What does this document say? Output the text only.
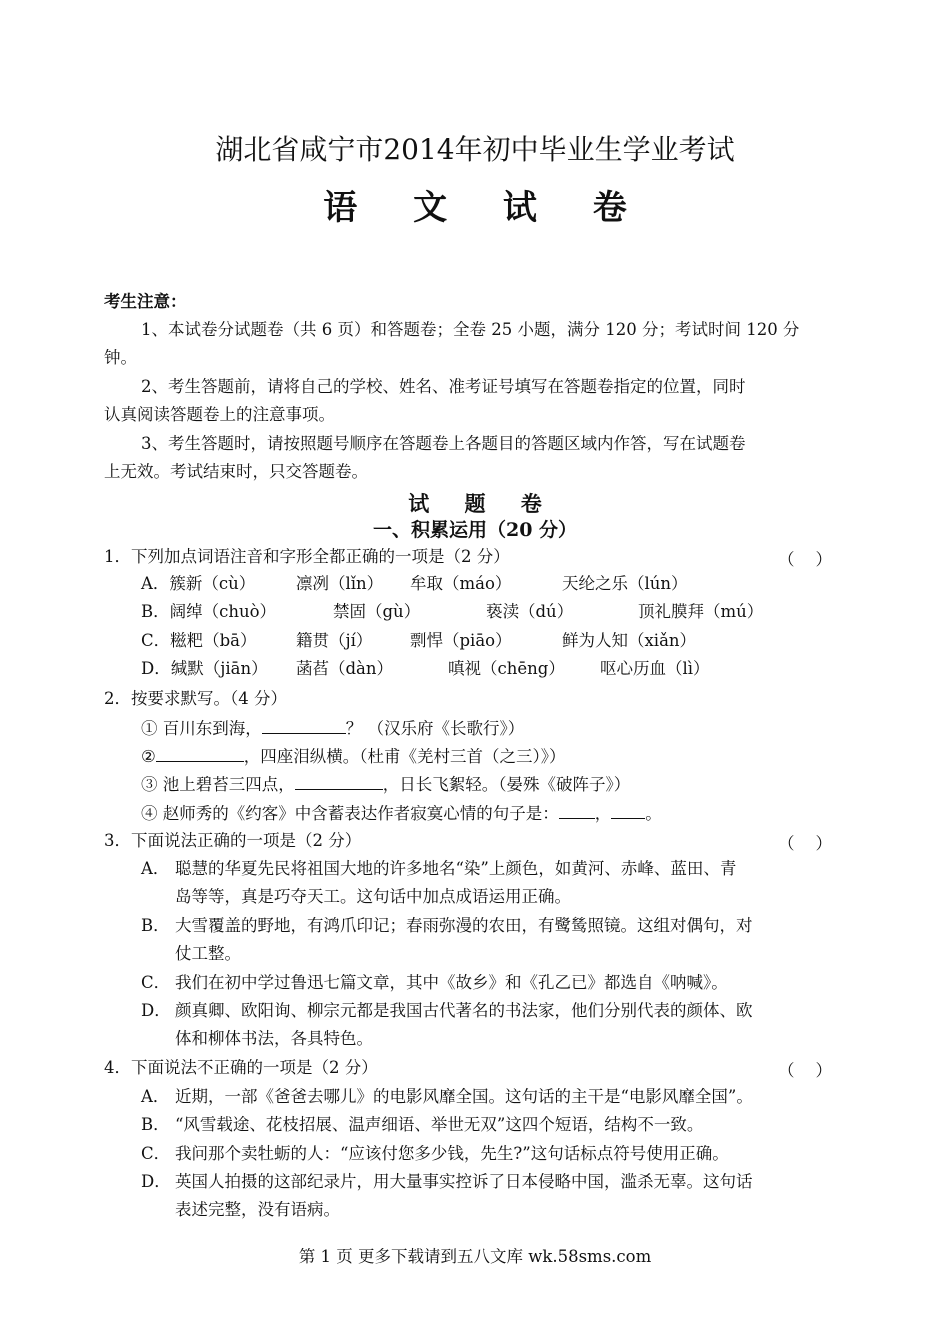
湖北省咸宁市2014年初中毕业生学业考试
语 文 试 卷
考生注意：
1、本试卷分试题卷（共 6 页）和答题卷；全卷 25 小题，满分 120 分；考试时间 120 分
钟。
2、考生答题前，请将自己的学校、姓名、准考证号填写在答题卷指定的位置，同时
认真阅读答题卷上的注意事项。
3、考生答题时，请按照题号顺序在答题卷上各题目的答题区域内作答，写在试题卷
上无效。考试结束时，只交答题卷。
试 题 卷
一、积累运用（20 分）
1．下列加点词语注音和字形全都正确的一项是（2 分）	（    ）
A．簇新（cù） 凛冽（lǐn） 牟取（máo）	天纶之乐（lún）
B．阔绰（chuò）	禁固（gù）	亵渎（dú）	顶礼膜拜（mú）
C．糍粑（bā） 籍贯（jí） 剽悍（piāo）	鲜为人知（xiǎn）
D．缄默（jiān） 菡萏（dàn）	嗔视（chēng） 呕心历血（lì）
2．按要求默写。（4 分）
① 百川东到海，	？ （汉乐府《长歌行》）
②	，四座泪纵横。（杜甫《羌村三首（之三）》）
③ 池上碧苔三四点，	，日长飞絮轻。（晏殊《破阵子》）
④ 赵师秀的《约客》中含蓄表达作者寂寞心情的句子是： ， 。
3．下面说法正确的一项是（2 分）	（    ）
A． 聪慧的华夏先民将祖国大地的许多地名“染”上颜色，如黄河、赤峰、蓝田、青
岛等等，真是巧夺天工。这句话中加点成语运用正确。
B． 大雪覆盖的野地，有鸿爪印记；春雨弥漫的农田，有鹭鸶照镜。这组对偶句，对
仗工整。
C． 我们在初中学过鲁迅七篇文章，其中《故乡》和《孔乙已》都选自《呐喊》。
D． 颜真卿、欧阳询、柳宗元都是我国古代著名的书法家，他们分别代表的颜体、欧
体和柳体书法，各具特色。
4．下面说法不正确的一项是（2 分）	（    ）
A． 近期，一部《爸爸去哪儿》的电影风靡全国。这句话的主干是“电影风靡全国”。
B． “风雪载途、花枝招展、温声细语、举世无双”这四个短语，结构不一致。
C． 我问那个卖牡蛎的人：“应该付您多少钱，先生?”这句话标点符号使用正确。
D． 英国人拍摄的这部纪录片，用大量事实控诉了日本侵略中国，滥杀无辜。这句话
表述完整，没有语病。
第 1 页 更多下载请到五八文库 wk.58sms.com
